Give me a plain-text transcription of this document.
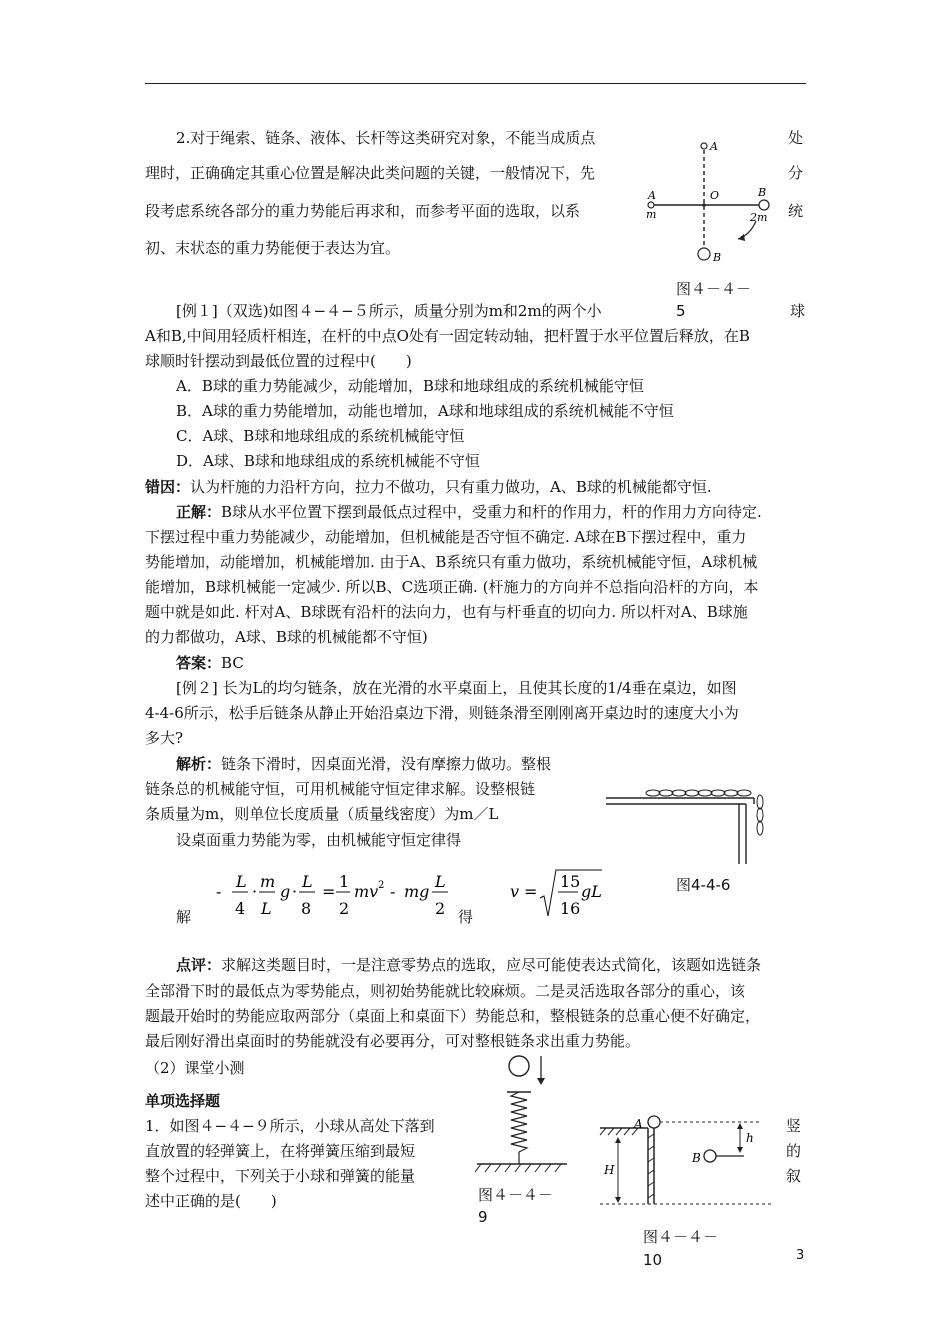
2.对于绳索、链条、液体、长杆等这类研究对象，不能当成质点	处
理时，正确确定其重心位置是解决此类问题的关键，一般情况下，先	分
段考虑系统各部分的重力势能后再求和，而参考平面的选取，以系	统
初、末状态的重力势能便于表达为宜。
A
A
m
O	B
2m
B
图４－４－
5
[例１]（双选)如图４−４−５所示，质量分别为m和2m的两个小	球
A和B,中间用轻质杆相连，在杆的中点O处有一固定转动轴，把杆置于水平位置后释放，在B
球顺时针摆动到最低位置的过程中(　　)
A．B球的重力势能减少，动能增加，B球和地球组成的系统机械能守恒
B．A球的重力势能增加，动能也增加，A球和地球组成的系统机械能不守恒
C．A球、B球和地球组成的系统机械能守恒
D．A球、B球和地球组成的系统机械能不守恒
错因：认为杆施的力沿杆方向，拉力不做功，只有重力做功，A、B球的机械能都守恒.
正解：B球从水平位置下摆到最低点过程中，受重力和杆的作用力，杆的作用力方向待定.
下摆过程中重力势能减少，动能增加，但机械能是否守恒不确定. A球在B下摆过程中，重力
势能增加，动能增加，机械能增加. 由于A、B系统只有重力做功，系统机械能守恒，A球机械
能增加，B球机械能一定减少. 所以B、C选项正确. (杆施力的方向并不总指向沿杆的方向，本
题中就是如此. 杆对A、B球既有沿杆的法向力，也有与杆垂直的切向力. 所以杆对A、B球施
的力都做功，A球、B球的机械能都不守恒)
答案：BC
[例２] 长为L的均匀链条，放在光滑的水平桌面上，且使其长度的1/4垂在桌边，如图
4-4-6所示，松手后链条从静止开始沿桌边下滑，则链条滑至刚刚离开桌边时的速度大小为
多大?
解析：链条下滑时，因桌面光滑，没有摩擦力做功。整根
链条总的机械能守恒，可用机械能守恒定律求解。设整根链
条质量为m，则单位长度质量（质量线密度）为m／L
设桌面重力势能为零，由机械能守恒定律得
图4-4-6
解
-
L
4
·
m
L
g ·
L
8
=
1
2
mv 2 - mg
L
2
v =
15
16
gL
得
点评：求解这类题目时，一是注意零势点的选取，应尽可能使表达式简化，该题如选链条
全部滑下时的最低点为零势能点，则初始势能就比较麻烦。二是灵活选取各部分的重心，该
题最开始时的势能应取两部分（桌面上和桌面下）势能总和，整根链条的总重心便不好确定，
最后刚好滑出桌面时的势能就没有必要再分，可对整根链条求出重力势能。
（2）课堂小测
单项选择题
1．如图４−４−９所示，小球从高处下落到
直放置的轻弹簧上，在将弹簧压缩到最短
整个过程中，下列关于小球和弹簧的能量
述中正确的是(　　)
竖
的
叙
图４－４－
9
A
h
B
H
图４－４－
10	3
